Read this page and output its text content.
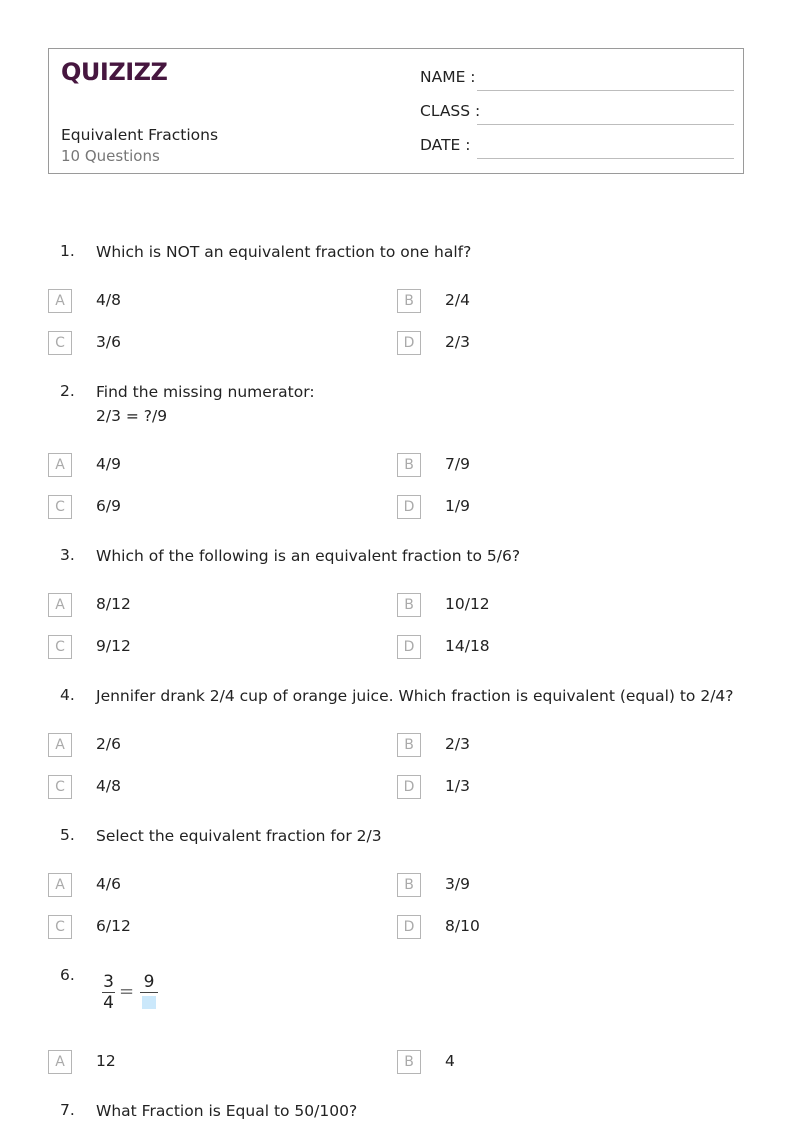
QUIZIZZ
Equivalent Fractions
10 Questions
NAME :
CLASS :
DATE :
1. Which is NOT an equivalent fraction to one half?
A	4/8	B	2/4
C	3/6	D	2/3
2. Find the missing numerator:
2/3 = ?/9
A	4/9	B	7/9
C	6/9	D	1/9
3. Which of the following is an equivalent fraction to 5/6?
A	8/12	B	10/12
C	9/12	D	14/18
4. Jennifer drank 2/4 cup of orange juice. Which fraction is equivalent (equal) to 2/4?
A	2/6	B	2/3
C	4/8	D	1/3
5. Select the equivalent fraction for 2/3
A	4/6	B	3/9
C	6/12	D	8/10
6. 3
4
= 9
A	12	B	4
7. What Fraction is Equal to 50/100?
